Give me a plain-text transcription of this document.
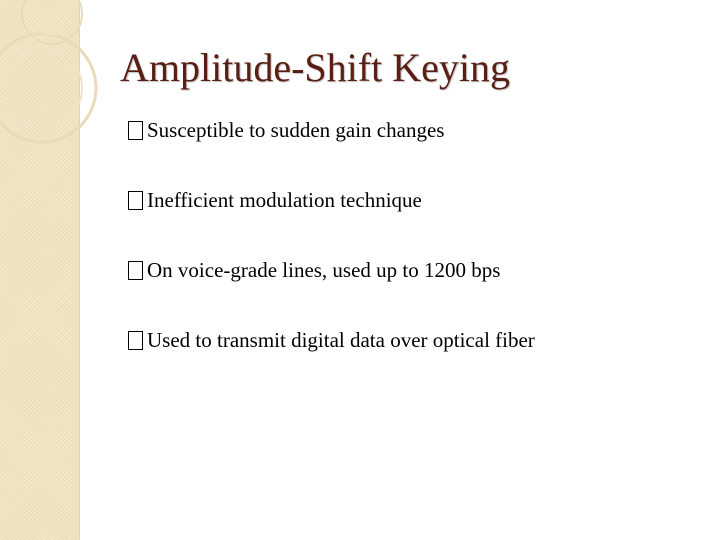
Amplitude-Shift Keying
Susceptible to sudden gain changes
Inefficient modulation technique
On voice-grade lines, used up to 1200 bps
Used to transmit digital data over optical fiber
